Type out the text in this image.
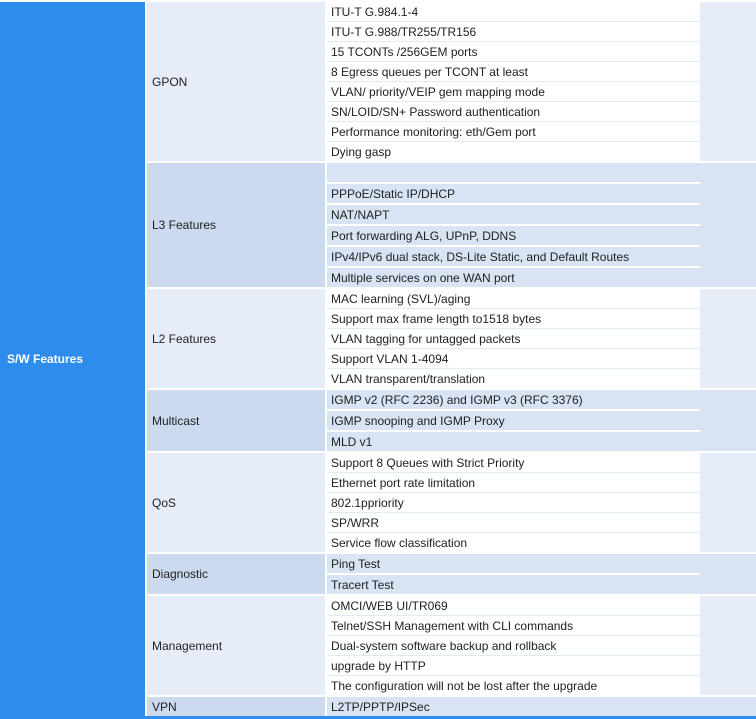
S/W Features	GPON	ITU-T G.984.1-4	
		ITU-T G.988/TR255/TR156	
		15 TCONTs /256GEM ports	
		8 Egress queues per TCONT at least	
		VLAN/ priority/VEIP gem mapping mode	
		SN/LOID/SN+ Password authentication	
		Performance monitoring: eth/Gem port	
		Dying gasp	
	L3 Features		
		PPPoE/Static IP/DHCP	
		NAT/NAPT	
		Port forwarding ALG, UPnP, DDNS	
		IPv4/IPv6 dual stack, DS-Lite Static, and Default Routes	
		Multiple services on one WAN port	
	L2 Features	MAC learning (SVL)/aging	
		Support max frame length to1518 bytes	
		VLAN tagging for untagged packets	
		Support VLAN 1-4094	
		VLAN transparent/translation	
	Multicast	IGMP v2 (RFC 2236) and IGMP v3 (RFC 3376)	
		IGMP snooping and IGMP Proxy	
		MLD v1	
	QoS	Support 8 Queues with Strict Priority	
		Ethernet port rate limitation	
		802.1ppriority	
		SP/WRR	
		Service flow classification	
	Diagnostic	Ping Test	
		Tracert Test	
	Management	OMCI/WEB UI/TR069	
		Telnet/SSH Management with CLI commands	
		Dual-system software backup and rollback	
		upgrade by HTTP	
		The configuration will not be lost after the upgrade	
	VPN	L2TP/PPTP/IPSec	
